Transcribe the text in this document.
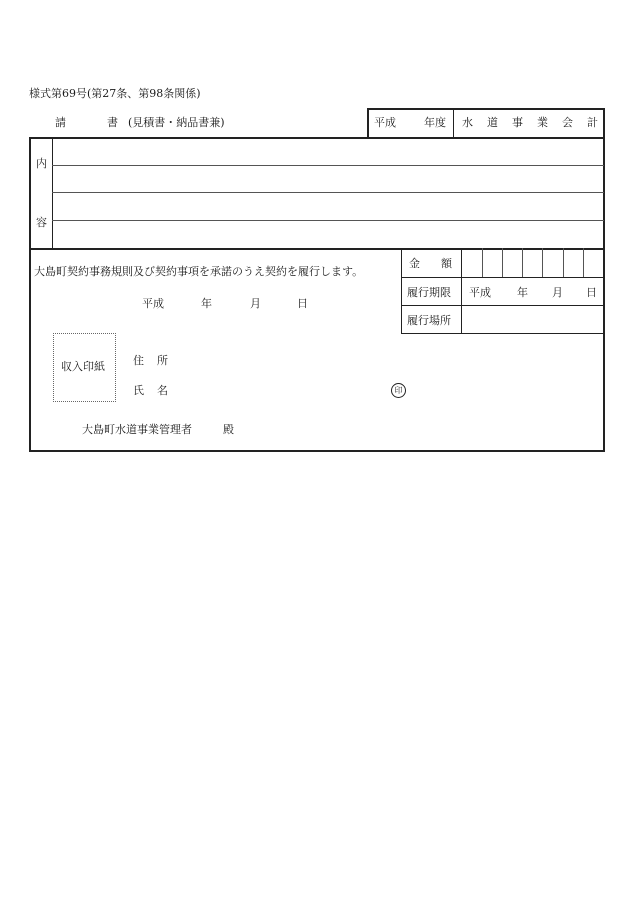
様式第69号(第27条、第98条関係)
請	書 (見積書・納品書兼)	平成	年度 水 道 事 業 会 計
内
容
大島町契約事務規則及び契約事項を承諾のうえ契約を履行します。
平成	年	月	日
金 額
履行期限 平成 年 月 日
履行場所
収入印紙	住 所
氏 名	印
大島町水道事業管理者	殿
